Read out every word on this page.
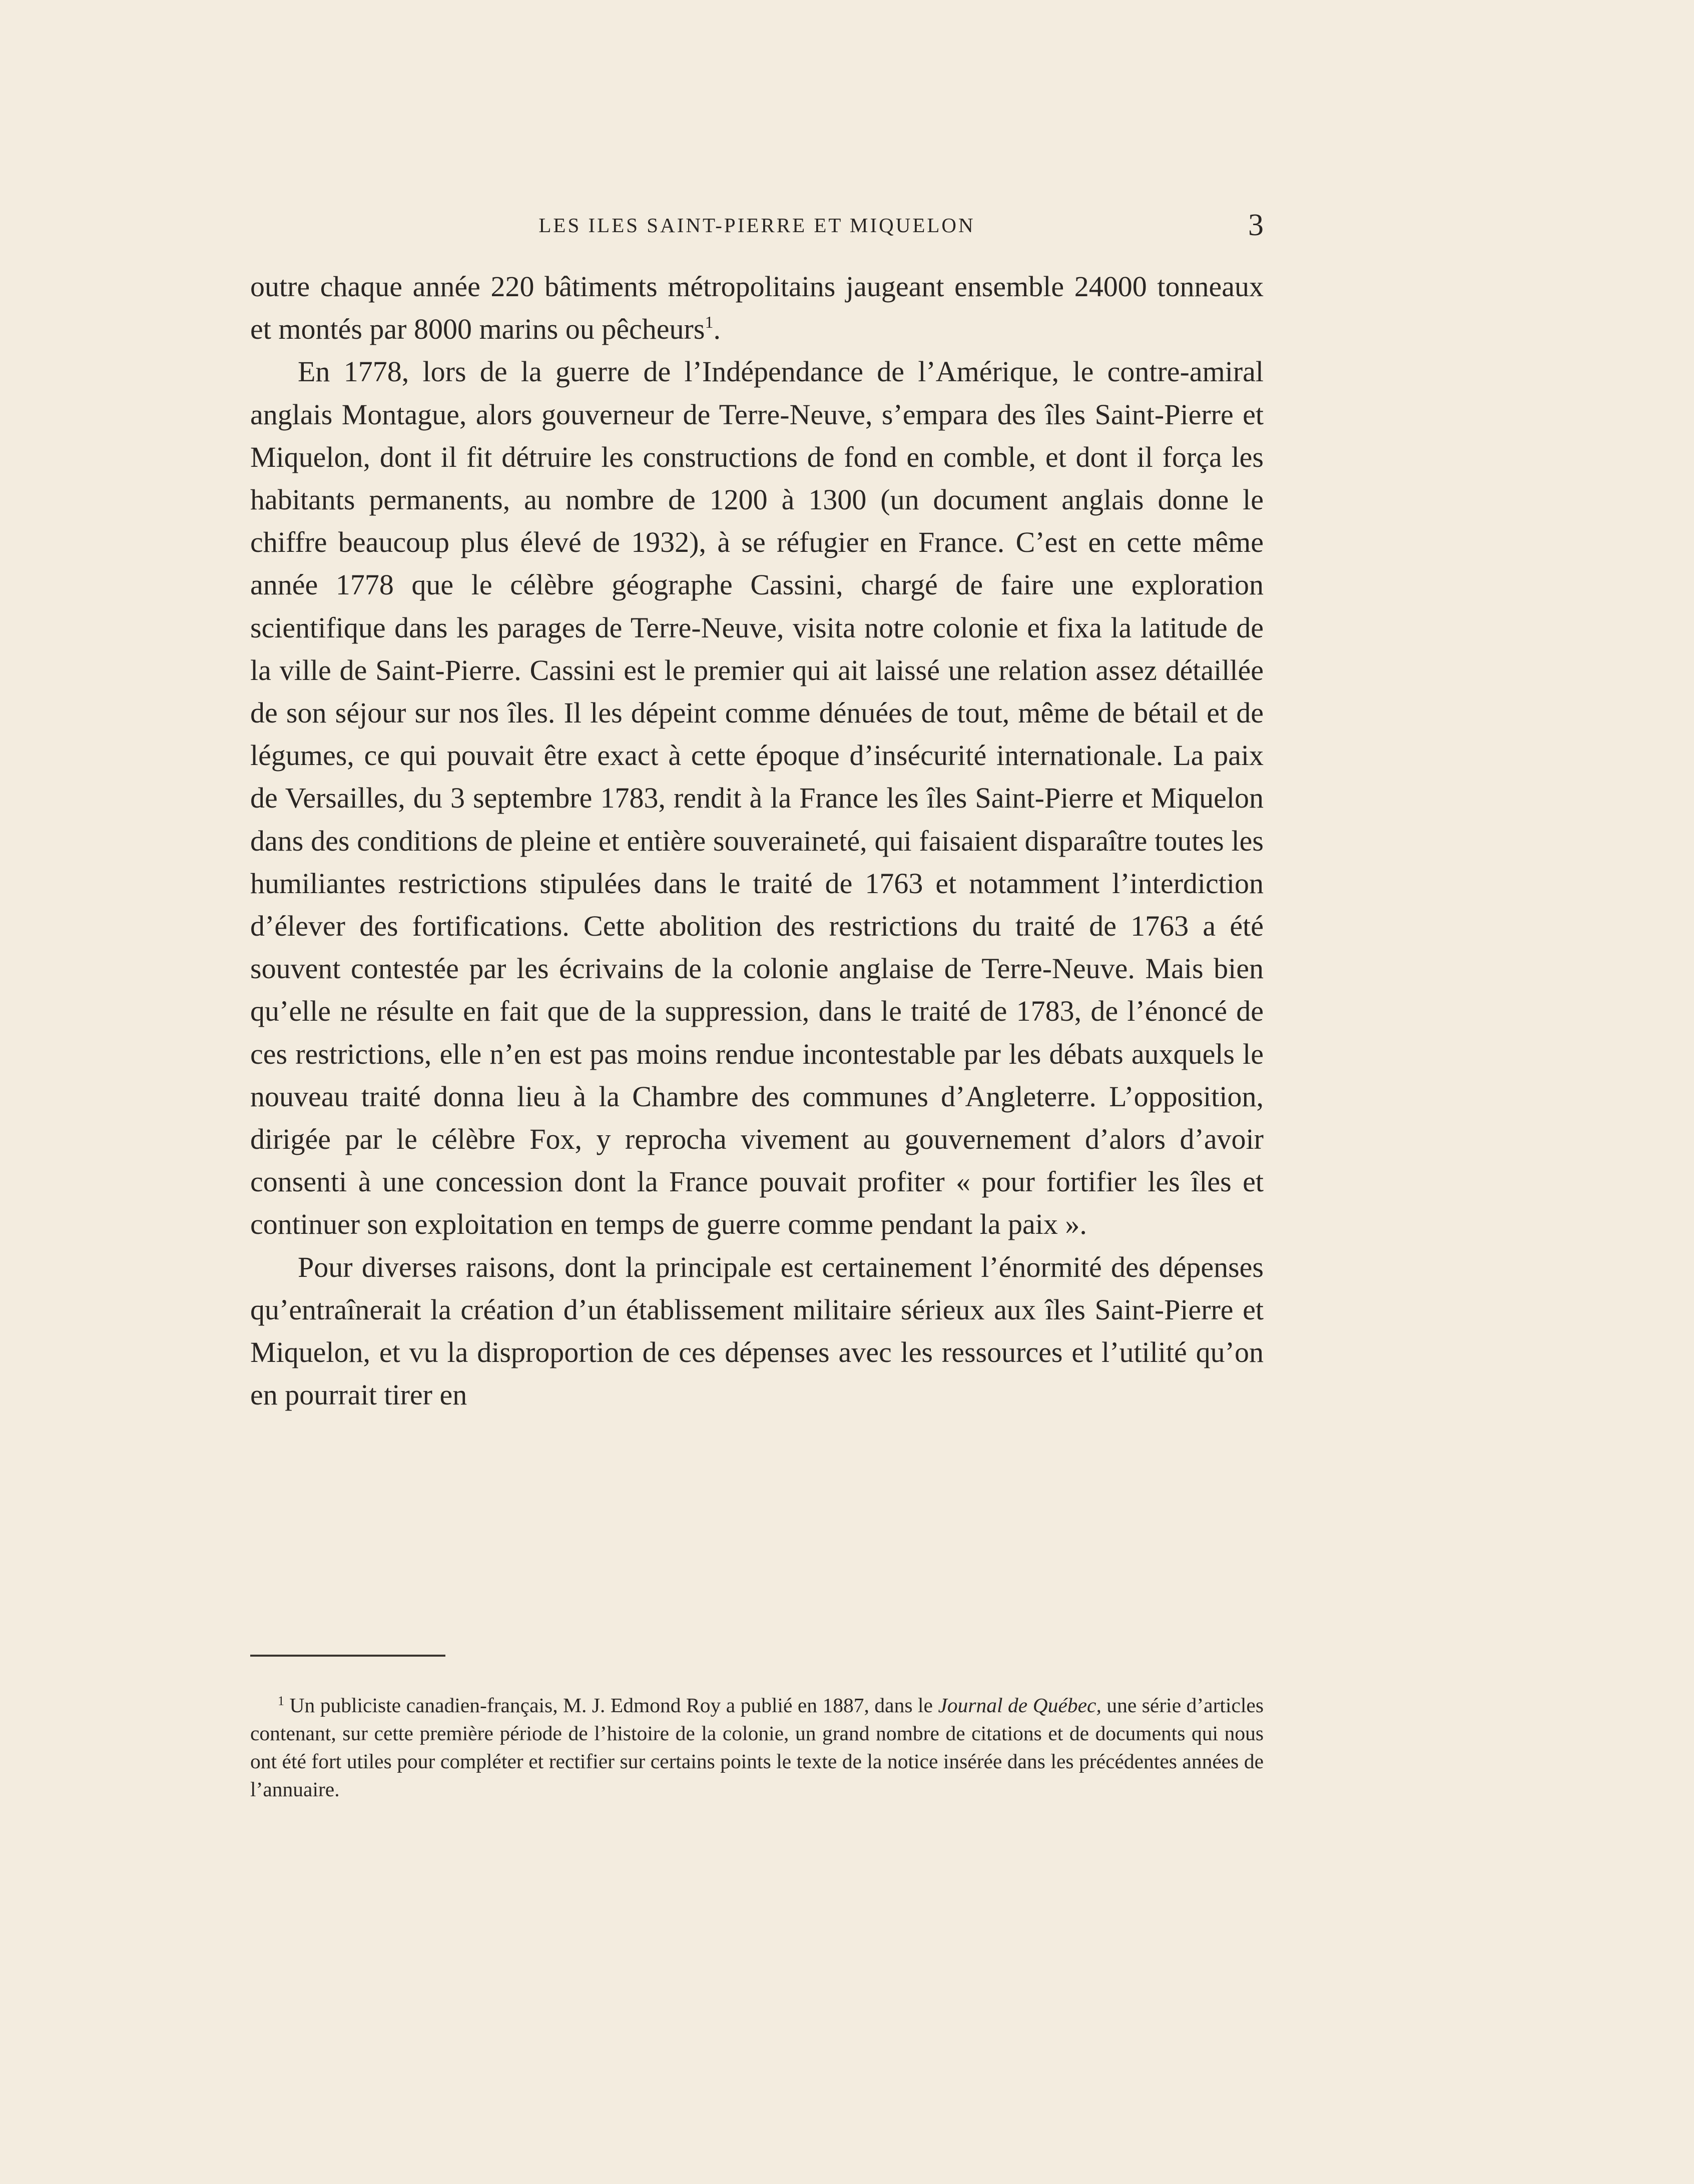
LES ILES SAINT-PIERRE ET MIQUELON	3

outre chaque année 220 bâtiments métropolitains jaugeant ensemble 24000 tonneaux et montés par 8000 marins ou pêcheurs$^1$.

En 1778, lors de la guerre de l’Indépendance de l’Amérique, le contre-amiral anglais Montague, alors gouverneur de Terre-Neuve, s’empara des îles Saint-Pierre et Miquelon, dont il fit détruire les constructions de fond en comble, et dont il força les habitants permanents, au nombre de 1200 à 1300 (un document anglais donne le chiffre beaucoup plus élevé de 1932), à se réfugier en France. C’est en cette même année 1778 que le célèbre géographe Cassini, chargé de faire une exploration scientifique dans les parages de Terre-Neuve, visita notre colonie et fixa la latitude de la ville de Saint-Pierre. Cassini est le premier qui ait laissé une relation assez détaillée de son séjour sur nos îles. Il les dépeint comme dénuées de tout, même de bétail et de légumes, ce qui pouvait être exact à cette époque d’insécurité internationale. La paix de Versailles, du 3 septembre 1783, rendit à la France les îles Saint-Pierre et Miquelon dans des conditions de pleine et entière souveraineté, qui faisaient disparaître toutes les humiliantes restrictions stipulées dans le traité de 1763 et notamment l’interdiction d’élever des fortifications. Cette abolition des restrictions du traité de 1763 a été souvent contestée par les écrivains de la colonie anglaise de Terre-Neuve. Mais bien qu’elle ne résulte en fait que de la suppression, dans le traité de 1783, de l’énoncé de ces restrictions, elle n’en est pas moins rendue incontestable par les débats auxquels le nouveau traité donna lieu à la Chambre des communes d’Angleterre. L’opposition, dirigée par le célèbre Fox, y reprocha vivement au gouvernement d’alors d’avoir consenti à une concession dont la France pouvait profiter « pour fortifier les îles et continuer son exploitation en temps de guerre comme pendant la paix ».

Pour diverses raisons, dont la principale est certainement l’énormité des dépenses qu’entraînerait la création d’un établissement militaire sérieux aux îles Saint-Pierre et Miquelon, et vu la disproportion de ces dépenses avec les ressources et l’utilité qu’on en pourrait tirer en

$^1$ Un publiciste canadien-français, M. J. Edmond Roy a publié en 1887, dans le Journal de Québec, une série d’articles contenant, sur cette première période de l’histoire de la colonie, un grand nombre de citations et de documents qui nous ont été fort utiles pour compléter et rectifier sur certains points le texte de la notice insérée dans les précédentes années de l’annuaire.
